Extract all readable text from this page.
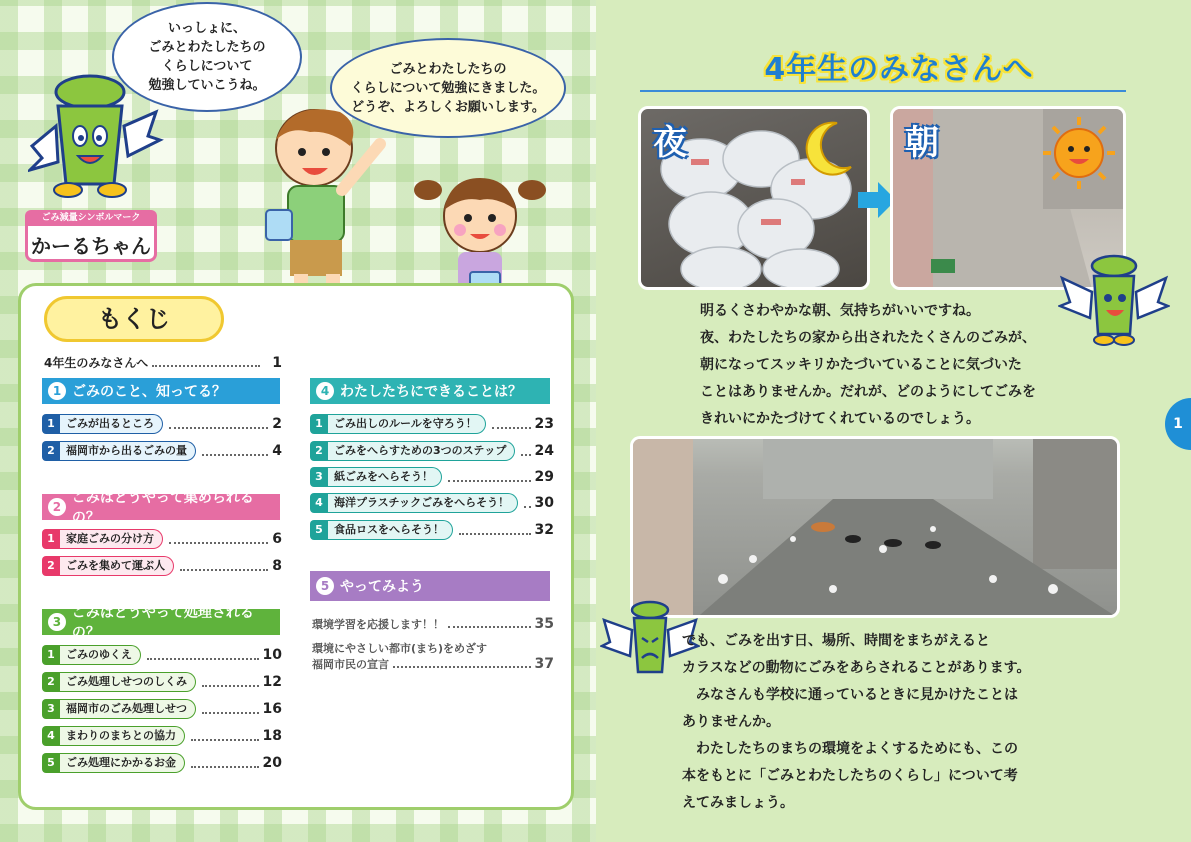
いっしょに、
ごみとわたしたちの
くらしについて
勉強していこうね。
ごみとわたしたちの
くらしについて勉強にきました。
どうぞ、よろしくお願いします。
ごみ減量シンボルマーク
かーるちゃん
もくじ
4年生のみなさんへ	1
1 ごみのこと、知ってる？
1	ごみが出るところ	2
2	福岡市から出るごみの量	4
2
ごみはどうやって集められるの？
1	家庭ごみの分け方	6
2	ごみを集めて運ぶ人	8
3
ごみはどうやって処理されるの？
1	ごみのゆくえ	10
2	ごみ処理しせつのしくみ	12
3	福岡市のごみ処理しせつ	16
4	まわりのまちとの協力	18
5	ごみ処理にかかるお金	20
4 わたしたちにできることは？
1	ごみ出しのルールを守ろう！	23
2	ごみをへらすための3つのステップ	24
3	紙ごみをへらそう！	29
4	海洋プラスチックごみをへらそう！	30
5	食品ロスをへらそう！	32
5 やってみよう
環境学習を応援します！！	35
環境にやさしい都市(まち)をめざす
福岡市民の宣言	37
4年生のみなさんへ
夜	朝
明るくさわやかな朝、気持ちがいいですね。
夜、わたしたちの家から出されたたくさんのごみが、
朝になってスッキリかたづいていることに気づいた
ことはありませんか。だれが、どのようにしてごみを
きれいにかたづけてくれているのでしょう。
でも、ごみを出す日、場所、時間をまちがえると
カラスなどの動物にごみをあらされることがあります。
　みなさんも学校に通っているときに見かけたことは
ありませんか。
　わたしたちのまちの環境をよくするためにも、この
本をもとに「ごみとわたしたちのくらし」について考
えてみましょう。
1
